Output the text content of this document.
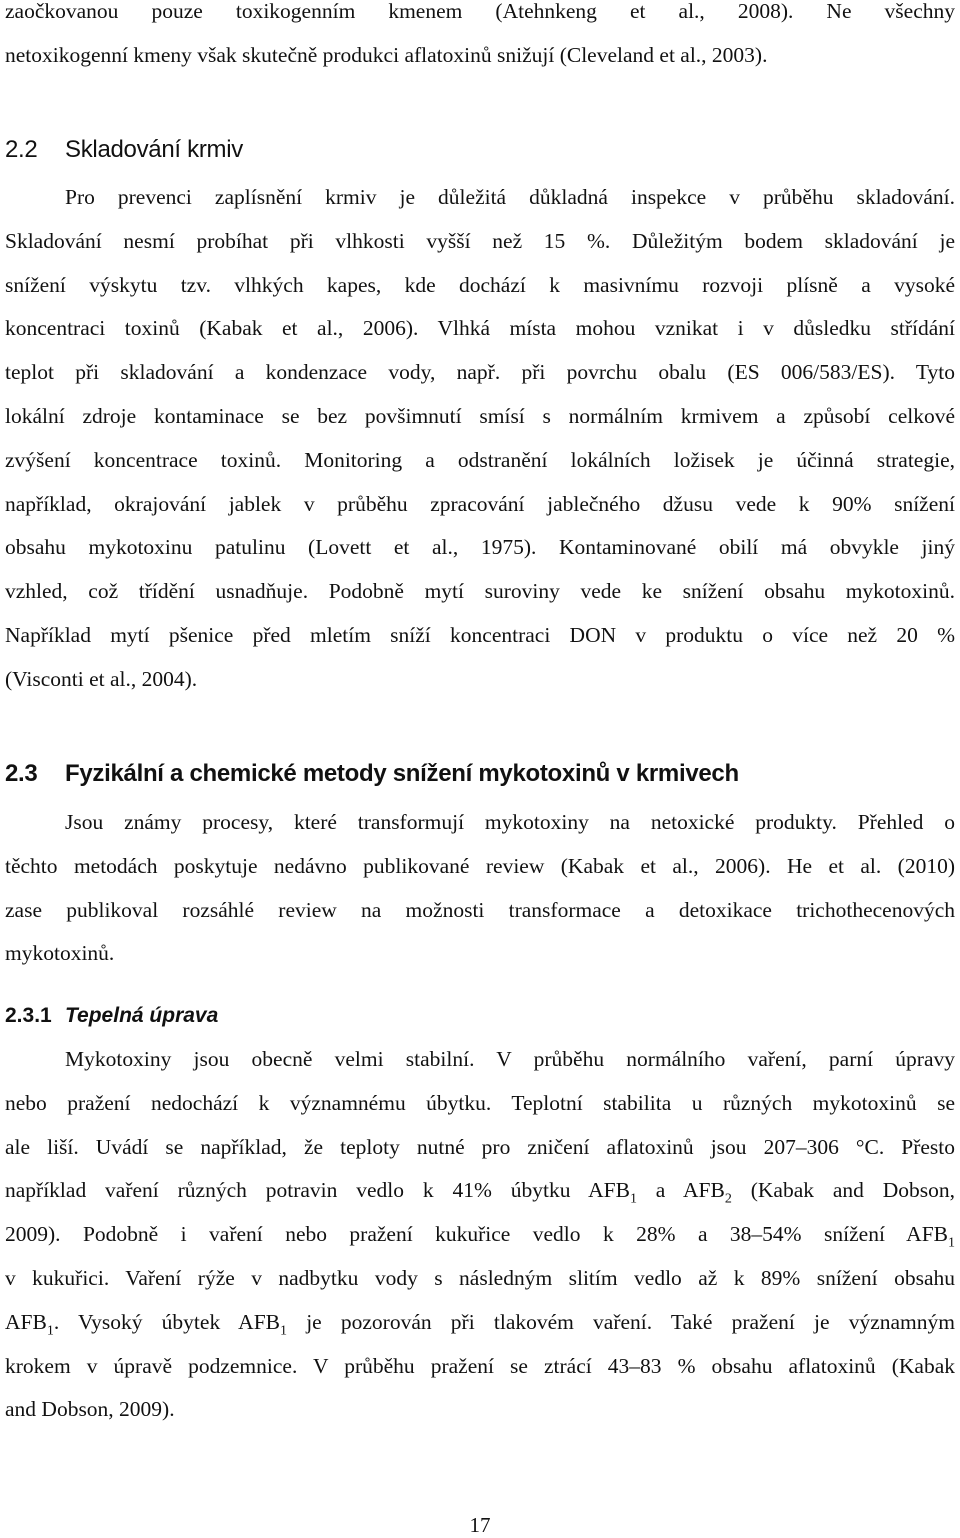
zaočkovanou pouze toxikogenním kmenem (Atehnkeng et al., 2008). Ne všechny
netoxikogenní kmeny však skutečně produkci aflatoxinů snižují (Cleveland et al., 2003).
2.2 Skladování krmiv
Pro prevenci zaplísnění krmiv je důležitá důkladná inspekce v průběhu skladování.
Skladování nesmí probíhat při vlhkosti vyšší než 15 %. Důležitým bodem skladování je
snížení výskytu tzv. vlhkých kapes, kde dochází k masivnímu rozvoji plísně a vysoké
koncentraci toxinů (Kabak et al., 2006). Vlhká místa mohou vznikat i v důsledku střídání
teplot při skladování a kondenzace vody, např. při povrchu obalu (ES 006/583/ES). Tyto
lokální zdroje kontaminace se bez povšimnutí smísí s normálním krmivem a způsobí celkové
zvýšení koncentrace toxinů. Monitoring a odstranění lokálních ložisek je účinná strategie,
například, okrajování jablek v průběhu zpracování jablečného džusu vede k 90% snížení
obsahu mykotoxinu patulinu (Lovett et al., 1975). Kontaminované obilí má obvykle jiný
vzhled, což třídění usnadňuje. Podobně mytí suroviny vede ke snížení obsahu mykotoxinů.
Například mytí pšenice před mletím sníží koncentraci DON v produktu o více než 20 %
(Visconti et al., 2004).
2.3 Fyzikální a chemické metody snížení mykotoxinů v krmivech
Jsou známy procesy, které transformují mykotoxiny na netoxické produkty. Přehled o
těchto metodách poskytuje nedávno publikované review (Kabak et al., 2006). He et al. (2010)
zase publikoval rozsáhlé review na možnosti transformace a detoxikace trichothecenových
mykotoxinů.
2.3.1 Tepelná úprava
Mykotoxiny jsou obecně velmi stabilní. V průběhu normálního vaření, parní úpravy
nebo pražení nedochází k významnému úbytku. Teplotní stabilita u různých mykotoxinů se
ale liší. Uvádí se například, že teploty nutné pro zničení aflatoxinů jsou 207–306 °C. Přesto
například vaření různých potravin vedlo k 41% úbytku $AFB_1$ a $AFB_2$ (Kabak and Dobson,
2009). Podobně i vaření nebo pražení kukuřice vedlo k 28% a 38–54% snížení $AFB_1$
v kukuřici. Vaření rýže v nadbytku vody s následným slitím vedlo až k 89% snížení obsahu
$AFB_1$. Vysoký úbytek $AFB_1$ je pozorován při tlakovém vaření. Také pražení je významným
krokem v úpravě podzemnice. V průběhu pražení se ztrácí 43–83 % obsahu aflatoxinů (Kabak
and Dobson, 2009).
17
